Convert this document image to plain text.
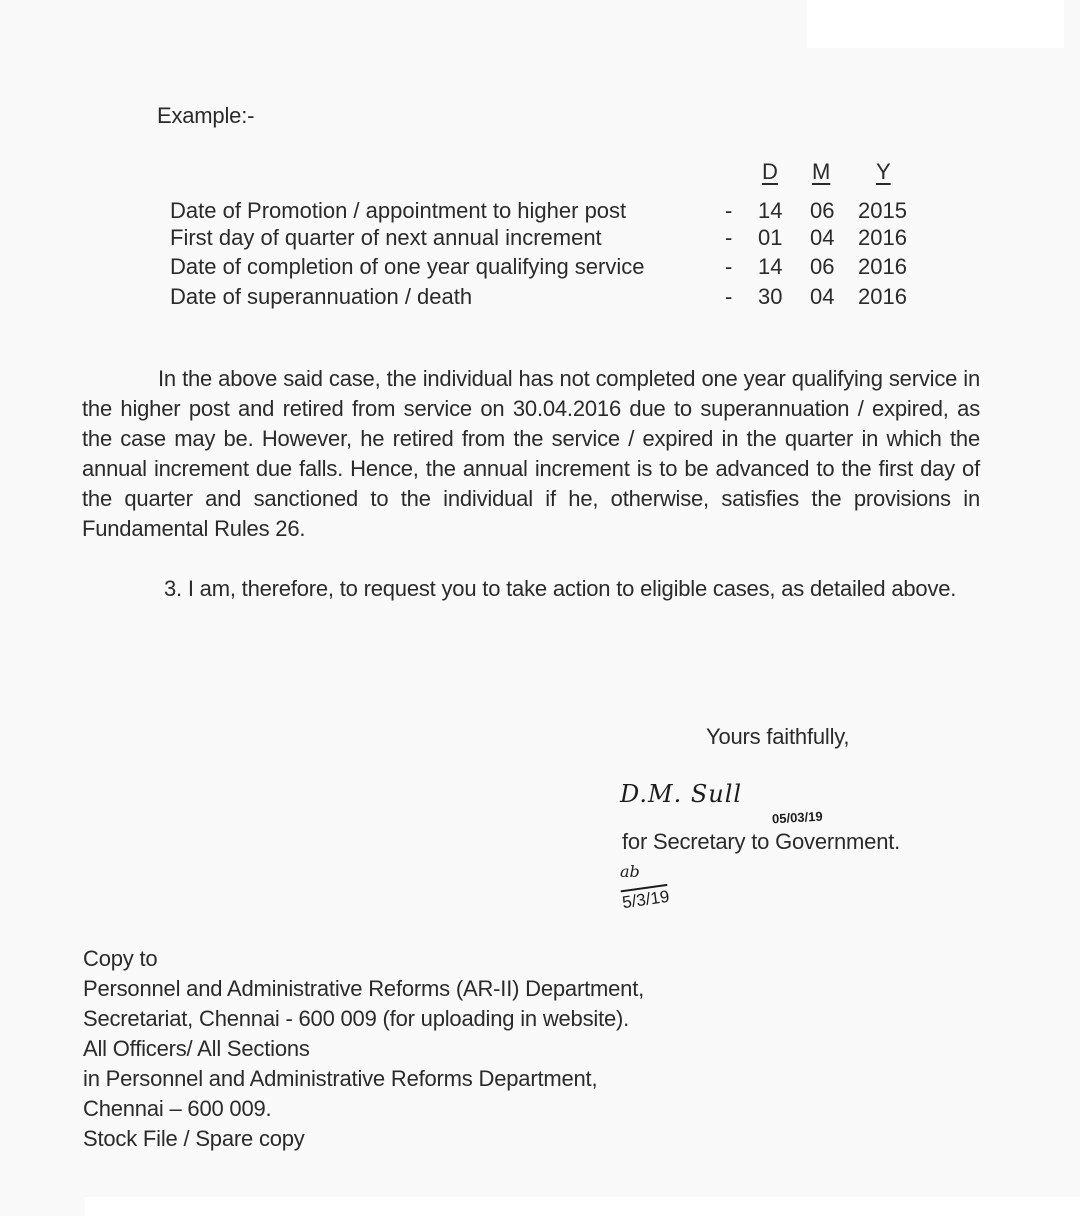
Example:-
D M Y
Date of Promotion / appointment to higher post	- 14 06 2015
First day of quarter of next annual increment	- 01 04 2016
Date of completion of one year qualifying service	- 14 06 2016
Date of superannuation / death	- 30 04 2016
In the above said case, the individual has not completed one year qualifying service in the higher post and retired from service on 30.04.2016 due to superannuation / expired, as the case may be. However, he retired from the service / expired in the quarter in which the annual increment due falls. Hence, the annual increment is to be advanced to the first day of the quarter and sanctioned to the individual if he, otherwise, satisfies the provisions in Fundamental Rules 26.
3. I am, therefore, to request you to take action to eligible cases, as detailed above.
Yours faithfully,
D.M. Sull
05/03/19
for Secretary to Government.
ab
5/3/19
Copy to
Personnel and Administrative Reforms (AR-II) Department,
Secretariat, Chennai - 600 009 (for uploading in website).
All Officers/ All Sections
in Personnel and Administrative Reforms Department,
Chennai – 600 009.
Stock File / Spare copy
